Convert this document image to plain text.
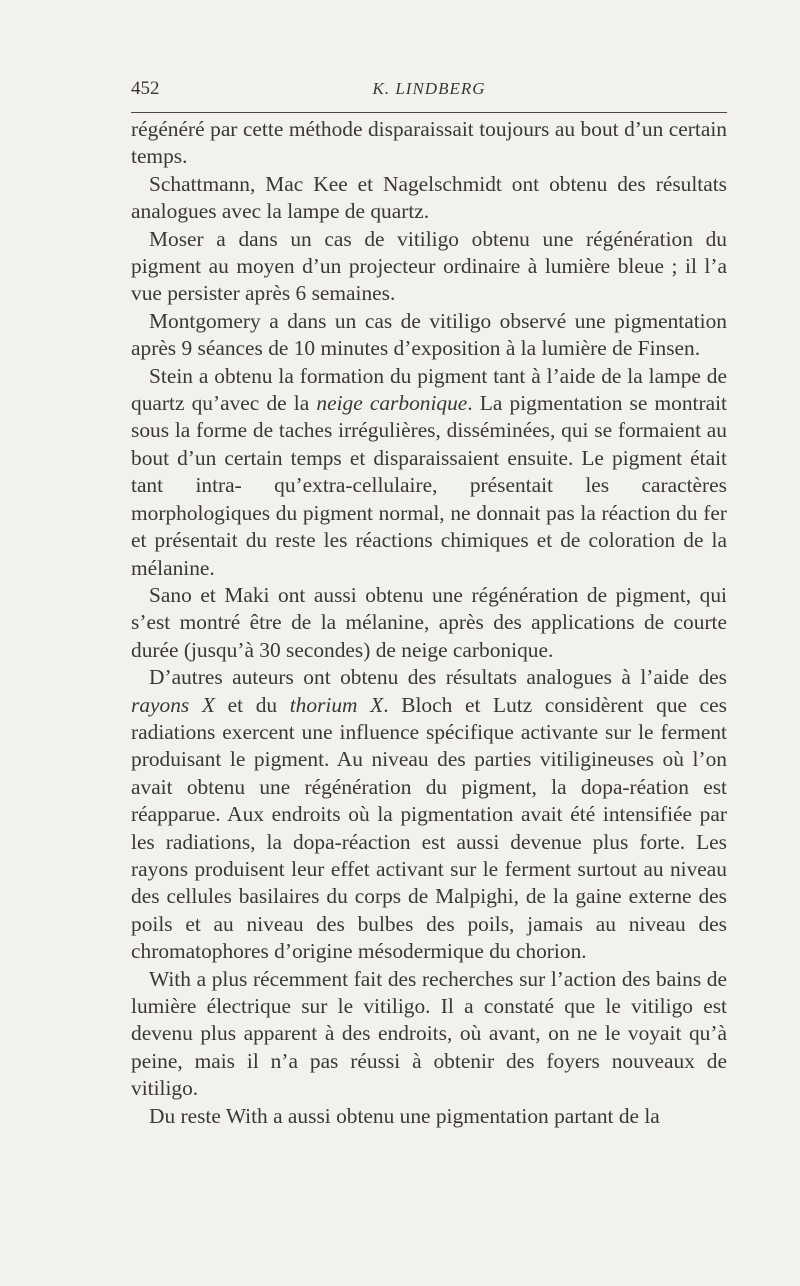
452	K. LINDBERG

régénéré par cette méthode disparaissait toujours au bout d’un certain temps.

Schattmann, Mac Kee et Nagelschmidt ont obtenu des résultats analogues avec la lampe de quartz.

Moser a dans un cas de vitiligo obtenu une régénération du pigment au moyen d’un projecteur ordinaire à lumière bleue ; il l’a vue persister après 6 semaines.

Montgomery a dans un cas de vitiligo observé une pigmentation après 9 séances de 10 minutes d’exposition à la lumière de Finsen.

Stein a obtenu la formation du pigment tant à l’aide de la lampe de quartz qu’avec de la neige carbonique. La pigmentation se montrait sous la forme de taches irrégulières, disséminées, qui se formaient au bout d’un certain temps et disparaissaient ensuite. Le pigment était tant intra- qu’extra-cellulaire, présentait les caractères morphologiques du pigment normal, ne donnait pas la réaction du fer et présentait du reste les réactions chimiques et de coloration de la mélanine.

Sano et Maki ont aussi obtenu une régénération de pigment, qui s’est montré être de la mélanine, après des applications de courte durée (jusqu’à 30 secondes) de neige carbonique.

D’autres auteurs ont obtenu des résultats analogues à l’aide des rayons X et du thorium X. Bloch et Lutz considèrent que ces radiations exercent une influence spécifique activante sur le ferment produisant le pigment. Au niveau des parties vitiligineuses où l’on avait obtenu une régénération du pigment, la dopa-réation est réapparue. Aux endroits où la pigmentation avait été intensifiée par les radiations, la dopa-réaction est aussi devenue plus forte. Les rayons produisent leur effet activant sur le ferment surtout au niveau des cellules basilaires du corps de Malpighi, de la gaine externe des poils et au niveau des bulbes des poils, jamais au niveau des chromatophores d’origine mésodermique du chorion.

With a plus récemment fait des recherches sur l’action des bains de lumière électrique sur le vitiligo. Il a constaté que le vitiligo est devenu plus apparent à des endroits, où avant, on ne le voyait qu’à peine, mais il n’a pas réussi à obtenir des foyers nouveaux de vitiligo.

Du reste With a aussi obtenu une pigmentation partant de la
